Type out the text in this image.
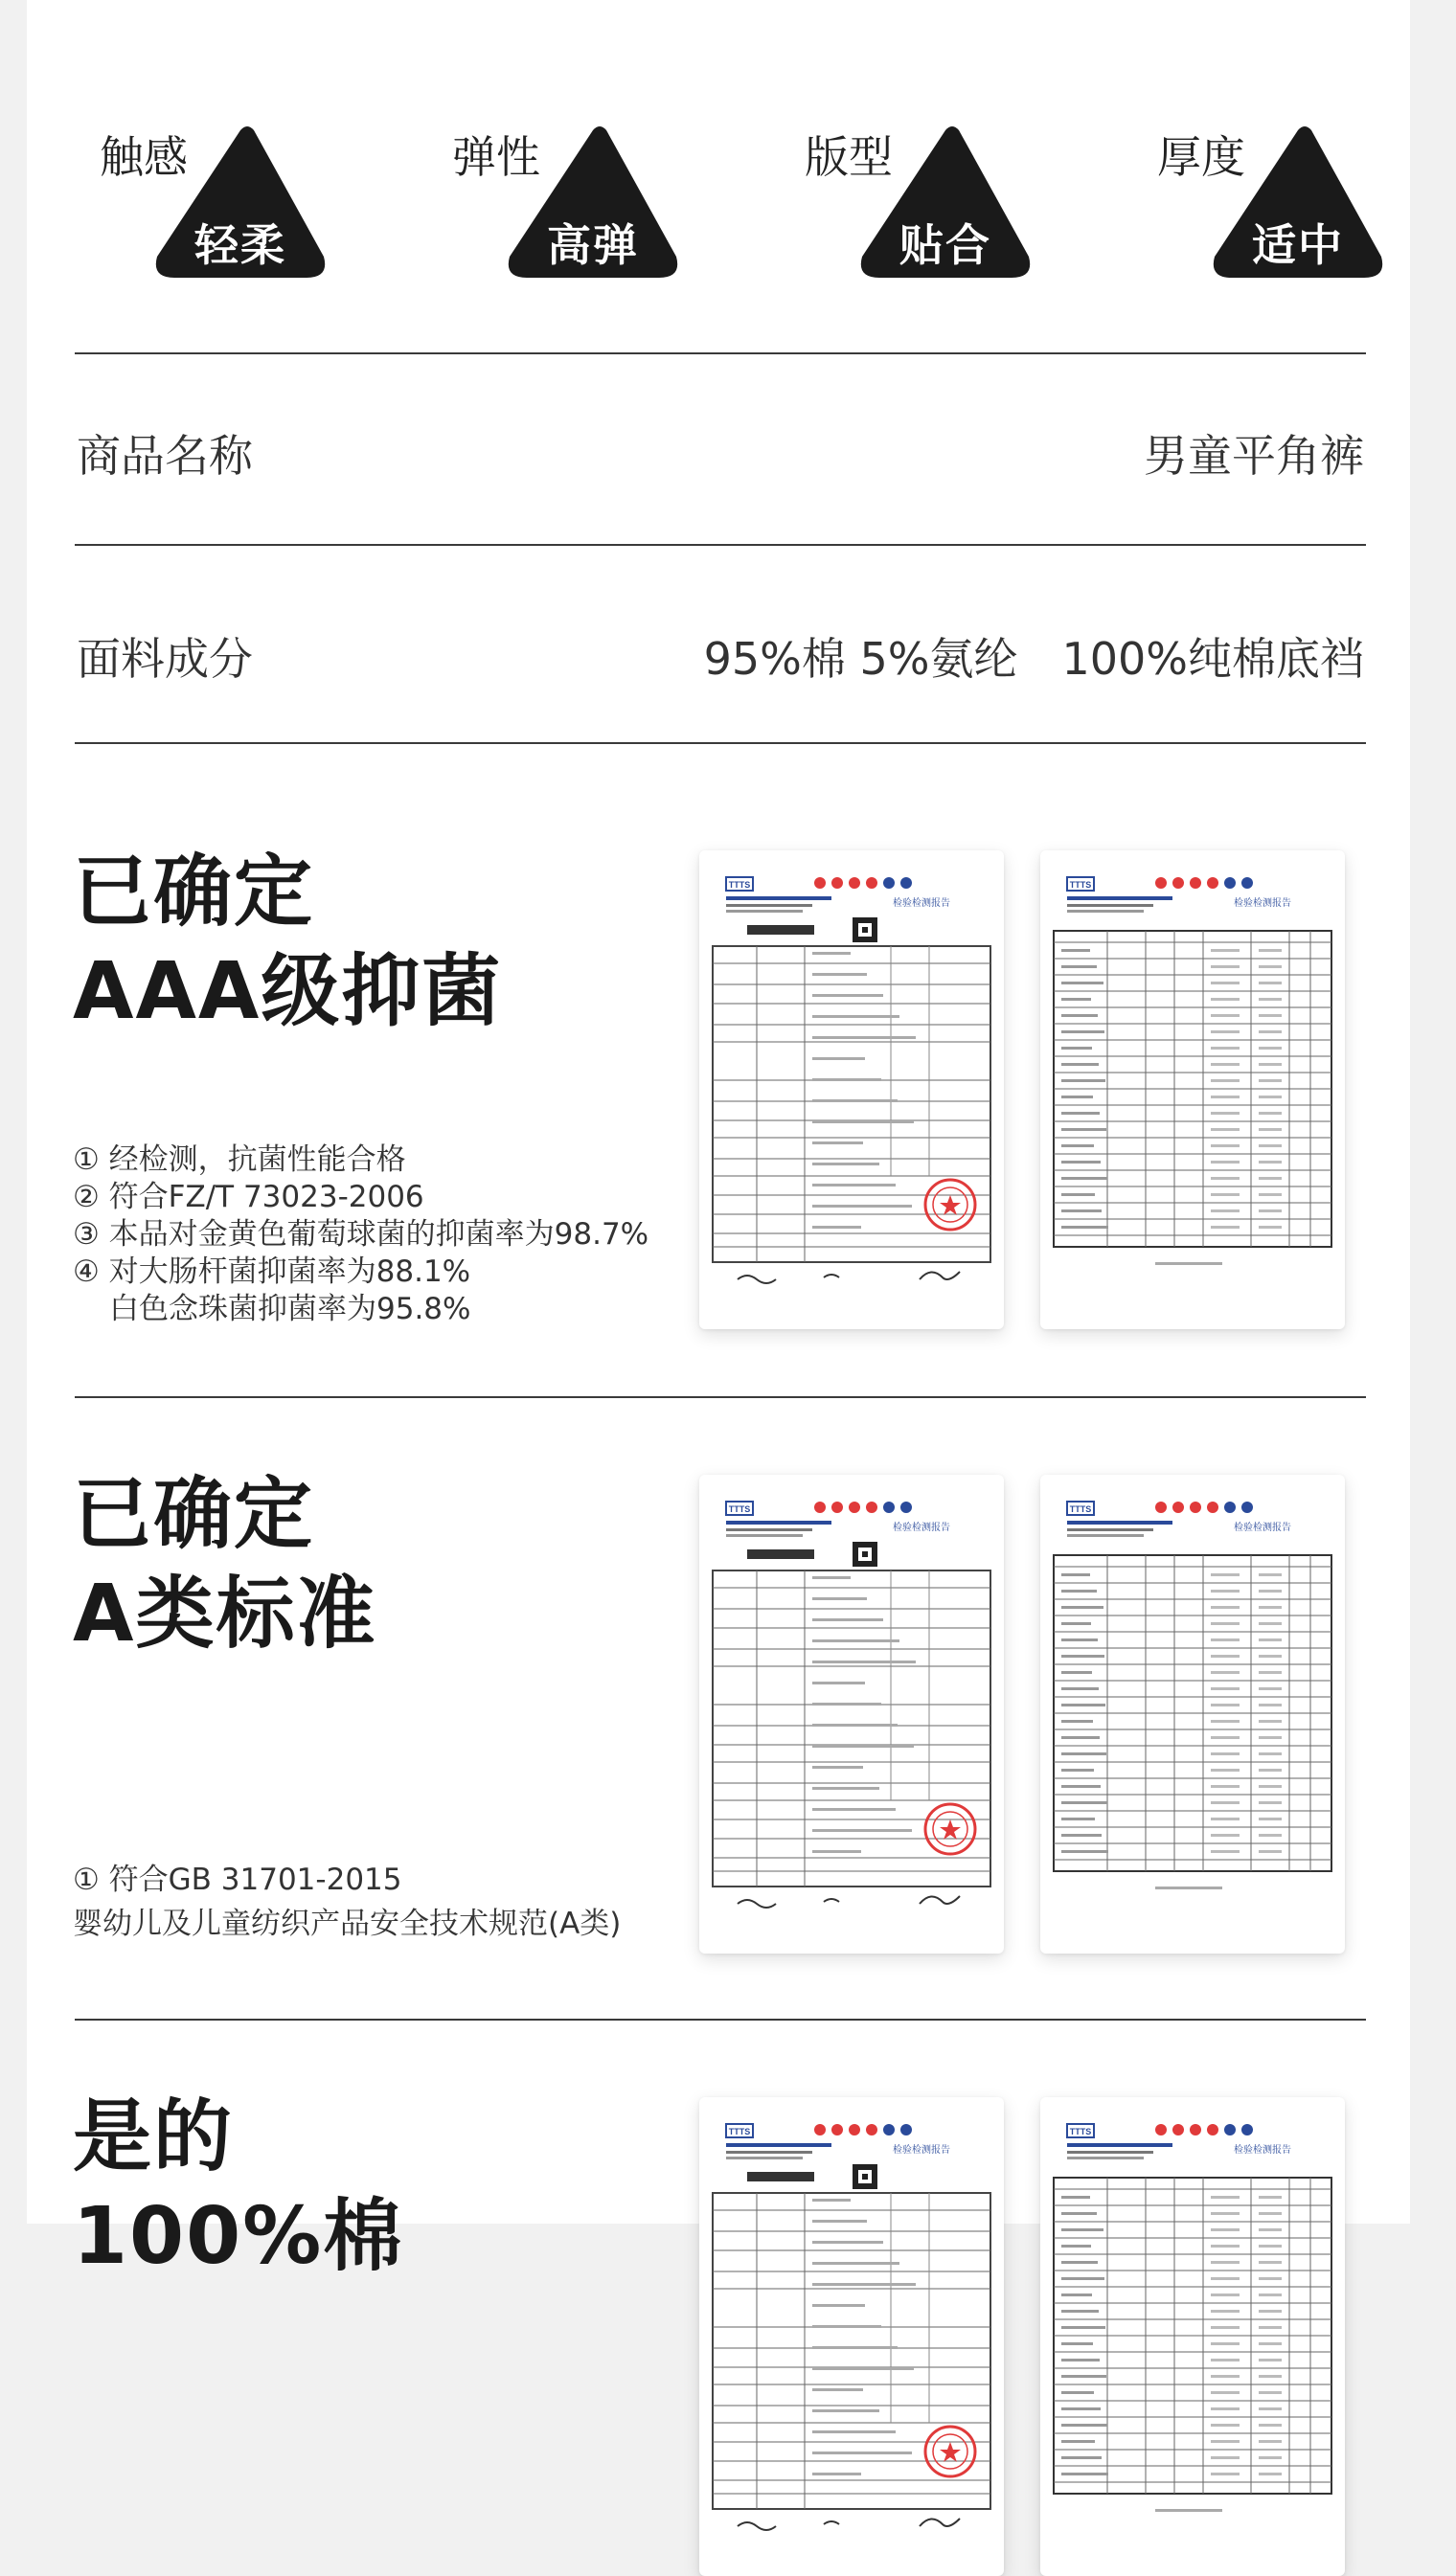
触感
轻柔
弹性
高弹
版型
贴合
厚度
适中
商品名称	男童平角裤
面料成分	95%棉 5%氨纶 100%纯棉底裆
已确定
AAA级抑菌
① 经检测，抗菌性能合格
② 符合FZ/T 73023-2006
③ 本品对金黄色葡萄球菌的抑菌率为98.7%
④ 对大肠杆菌抑菌率为88.1%
白色念珠菌抑菌率为95.8%
TTTS
检验检测报告
TTTS
检验检测报告
已确定
A类标准
① 符合GB 31701-2015
婴幼儿及儿童纺织产品安全技术规范(A类)
TTTS
检验检测报告
TTTS
检验检测报告
是的
100%棉
TTTS
检验检测报告
TTTS
检验检测报告
